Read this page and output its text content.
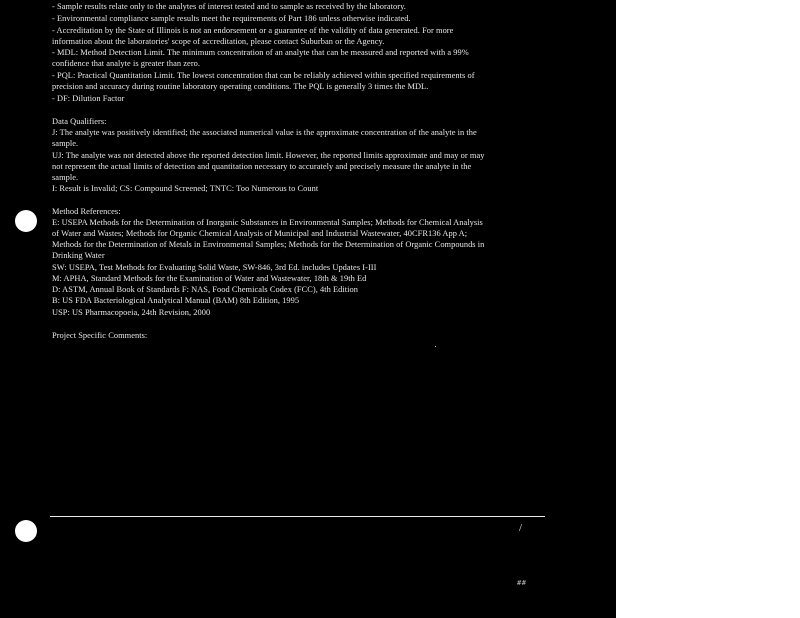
- Sample results relate only to the analytes of interest tested and to sample as received by the laboratory.
- Environmental compliance sample results meet the requirements of Part 186 unless otherwise indicated.
- Accreditation by the State of Illinois is not an endorsement or a guarantee of the validity of data generated. For more
information about the laboratories' scope of accreditation, please contact Suburban or the Agency.
- MDL: Method Detection Limit. The minimum concentration of an analyte that can be measured and reported with a 99%
confidence that analyte is greater than zero.
- PQL: Practical Quantitation Limit. The lowest concentration that can be reliably achieved within specified requirements of
precision and accuracy during routine laboratory operating conditions. The PQL is generally 3 times the MDL.
- DF: Dilution Factor
Data Qualifiers:
J: The analyte was positively identified; the associated numerical value is the approximate concentration of the analyte in the
sample.
UJ: The analyte was not detected above the reported detection limit. However, the reported limits approximate and may or may
not represent the actual limits of detection and quantitation necessary to accurately and precisely measure the analyte in the
sample.
I: Result is Invalid; CS: Compound Screened; TNTC: Too Numerous to Count
Method References:
E: USEPA Methods for the Determination of Inorganic Substances in Environmental Samples; Methods for Chemical Analysis
of Water and Wastes; Methods for Organic Chemical Analysis of Municipal and Industrial Wastewater, 40CFR136 App A;
Methods for the Determination of Metals in Environmental Samples; Methods for the Determination of Organic Compounds in
Drinking Water
SW: USEPA, Test Methods for Evaluating Solid Waste, SW-846, 3rd Ed. includes Updates I-III
M: APHA, Standard Methods for the Examination of Water and Wastewater, 18th & 19th Ed
D: ASTM, Annual Book of Standards F: NAS, Food Chemicals Codex (FCC), 4th Edition
B: US FDA Bacteriological Analytical Manual (BAM) 8th Edition, 1995
USP: US Pharmacopoeia, 24th Revision, 2000
Project Specific Comments:
/
##
